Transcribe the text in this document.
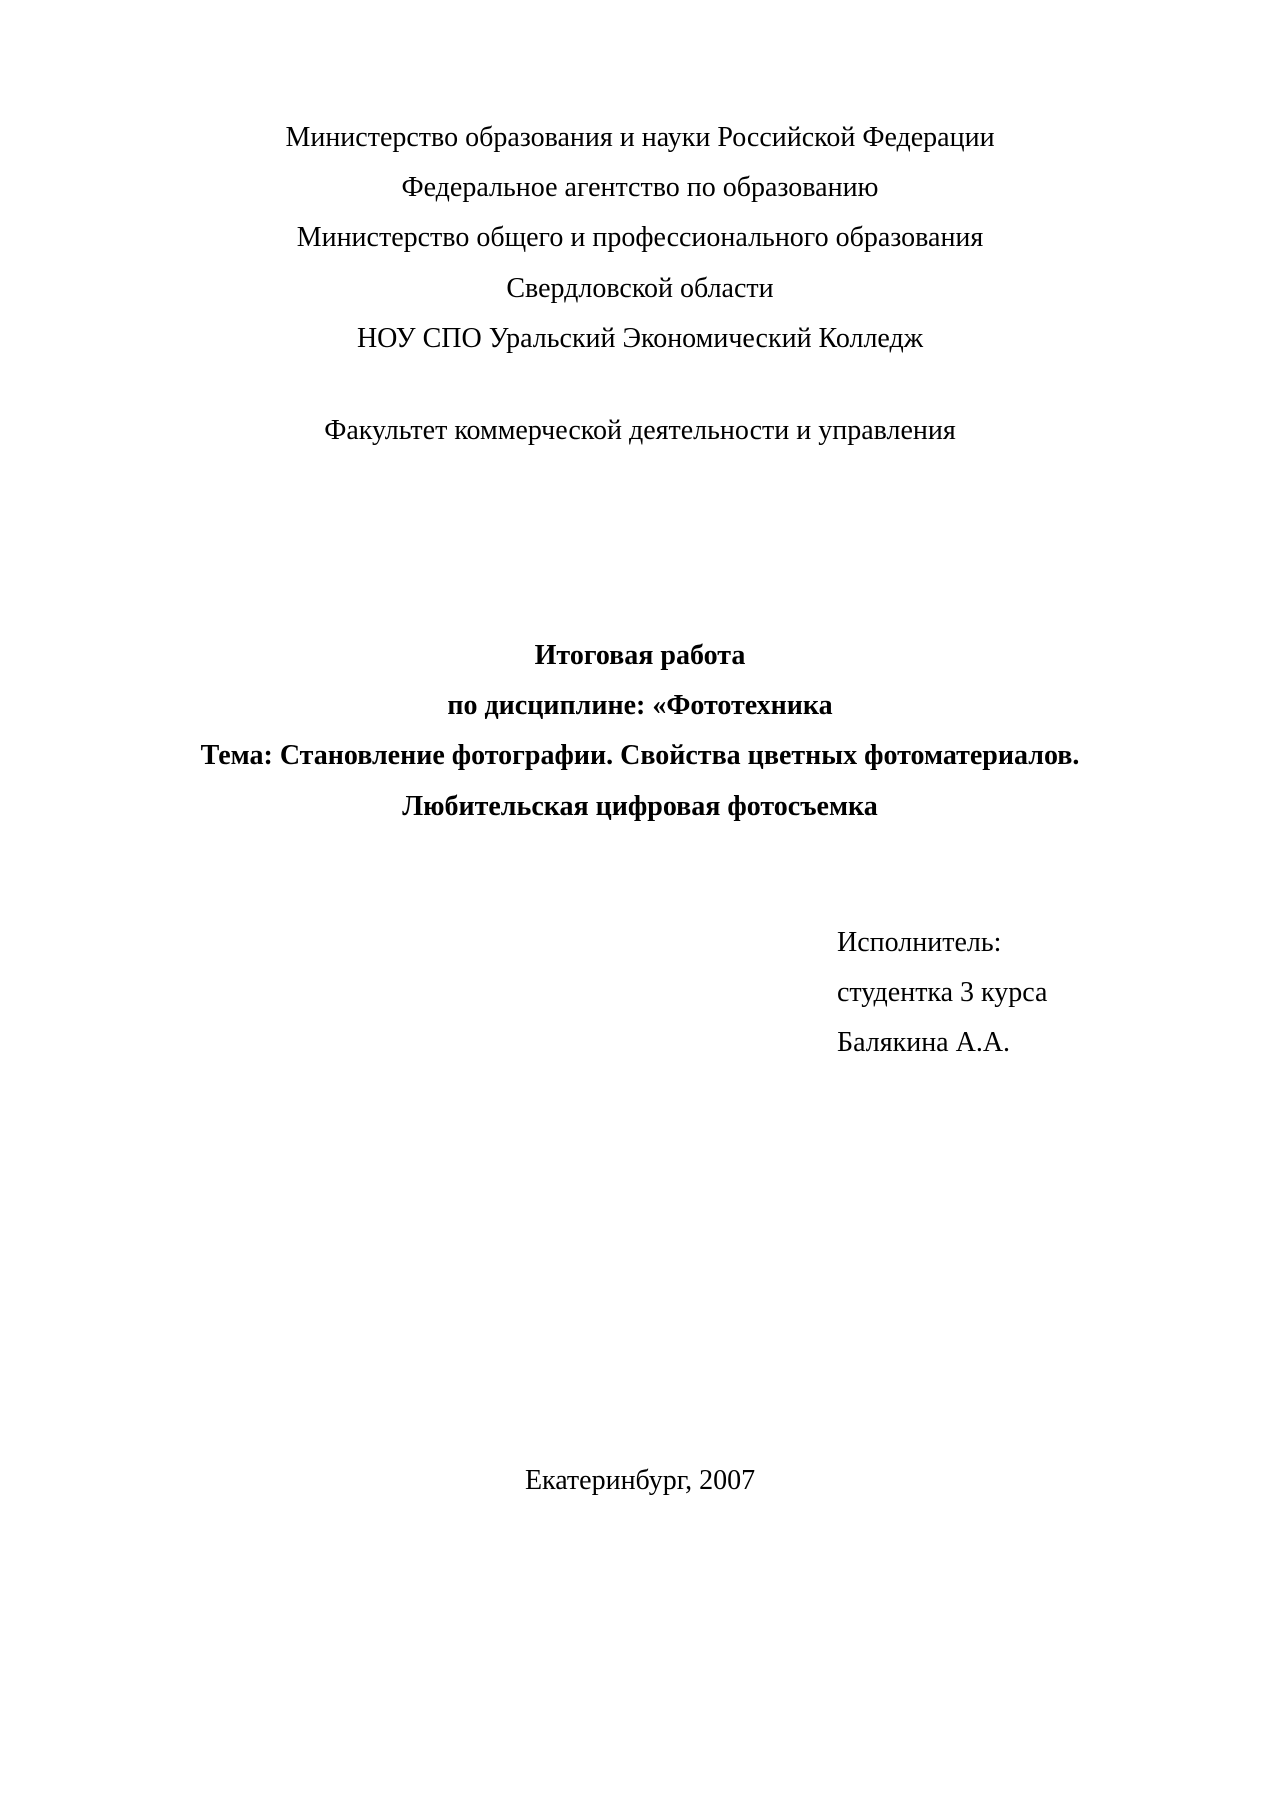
Министерство образования и науки Российской Федерации
Федеральное агентство по образованию
Министерство общего и профессионального образования
Свердловской области
НОУ СПО Уральский Экономический Колледж
Факультет коммерческой деятельности и управления
Итоговая работа
по дисциплине: «Фототехника
Тема: Становление фотографии. Свойства цветных фотоматериалов.
Любительская цифровая фотосъемка
Исполнитель:
студентка 3 курса
Балякина А.А.
Екатеринбург, 2007
